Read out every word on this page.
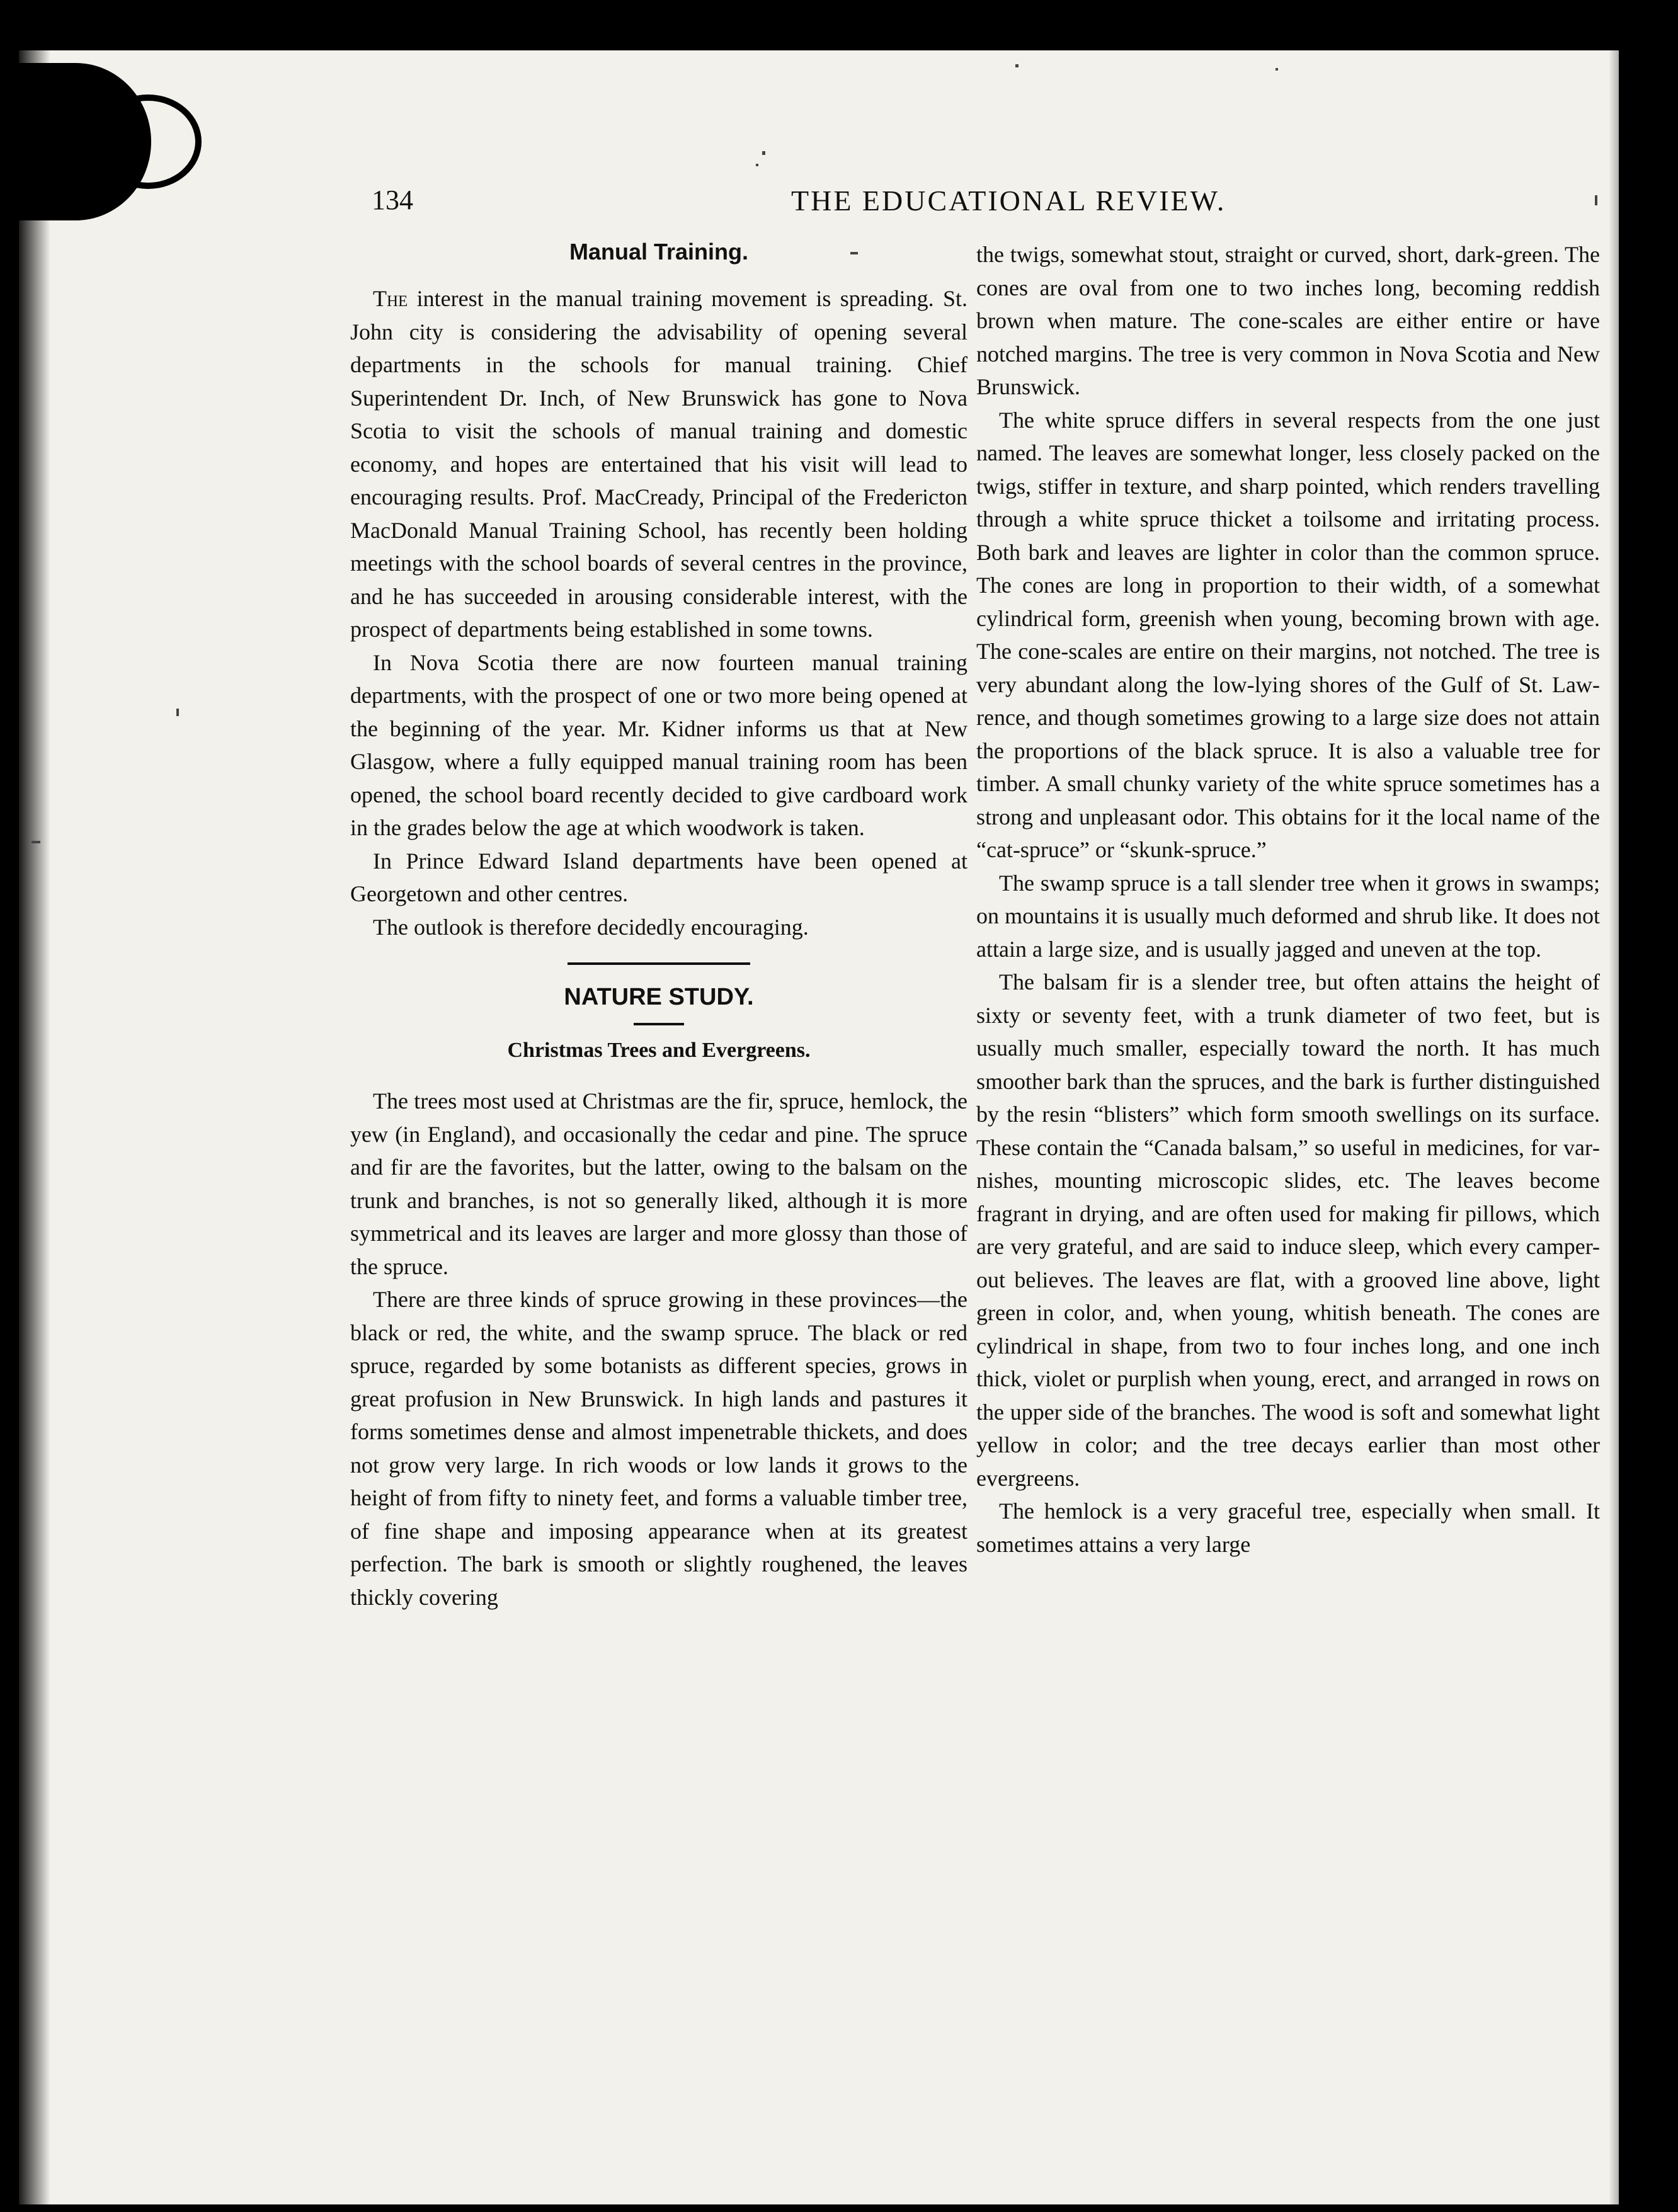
134	THE EDUCATIONAL REVIEW.
Manual Training.

The interest in the manual training movement is spreading. St. John city is considering the advisability of opening several departments in the schools for manual training. Chief Superintendent Dr. Inch, of New Brunswick has gone to Nova Scotia to visit the schools of manual training and domestic economy, and hopes are entertained that his visit will lead to encouraging results. Prof. MacCready, Principal of the Fredericton MacDonald Manual Training School, has recently been holding meetings with the school boards of several centres in the province, and he has succeeded in arousing considerable interest, with the prospect of departments being established in some towns.

In Nova Scotia there are now fourteen manual training departments, with the prospect of one or two more being opened at the beginning of the year. Mr. Kidner informs us that at New Glasgow, where a fully equipped manual training room has been opened, the school board recently decided to give cardboard work in the grades below the age at which woodwork is taken.

In Prince Edward Island departments have been opened at Georgetown and other centres.

The outlook is therefore decidedly encouraging.

NATURE STUDY.
Christmas Trees and Evergreens.

The trees most used at Christmas are the fir, spruce, hemlock, the yew (in England), and occasionally the cedar and pine. The spruce and fir are the favorites, but the latter, owing to the balsam on the trunk and branches, is not so generally liked, although it is more symmetrical and its leaves are larger and more glossy than those of the spruce.

There are three kinds of spruce growing in these provinces—the black or red, the white, and the swamp spruce. The black or red spruce, regarded by some botanists as different species, grows in great profusion in New Brunswick. In high lands and pastures it forms sometimes dense and almost impenetrable thickets, and does not grow very large. In rich woods or low lands it grows to the height of from fifty to ninety feet, and forms a valuable timber tree, of fine shape and imposing appearance when at its greatest perfection. The bark is smooth or slightly roughened, the leaves thickly covering

the twigs, somewhat stout, straight or curved, short, dark-green. The cones are oval from one to two inches long, becoming reddish brown when mature. The cone-scales are either entire or have notched margins. The tree is very common in Nova Scotia and New Brunswick.

The white spruce differs in several respects from the one just named. The leaves are somewhat longer, less closely packed on the twigs, stiffer in texture, and sharp pointed, which renders travelling through a white spruce thicket a toilsome and irritating process. Both bark and leaves are lighter in color than the common spruce. The cones are long in proportion to their width, of a somewhat cylindrical form, greenish when young, becoming brown with age. The cone-scales are entire on their margins, not notched. The tree is very abundant along the low-lying shores of the Gulf of St. Lawrence, and though sometimes growing to a large size does not attain the proportions of the black spruce. It is also a valuable tree for timber. A small chunky variety of the white spruce sometimes has a strong and unpleasant odor. This obtains for it the local name of the “cat-spruce” or “skunk-spruce.”

The swamp spruce is a tall slender tree when it grows in swamps; on mountains it is usually much deformed and shrub like. It does not attain a large size, and is usually jagged and uneven at the top.

The balsam fir is a slender tree, but often attains the height of sixty or seventy feet, with a trunk diameter of two feet, but is usually much smaller, especially toward the north. It has much smoother bark than the spruces, and the bark is further distinguished by the resin “blisters” which form smooth swellings on its surface. These contain the “Canada balsam,” so useful in medicines, for varnishes, mounting microscopic slides, etc. The leaves become fragrant in drying, and are often used for making fir pillows, which are very grateful, and are said to induce sleep, which every camper-out believes. The leaves are flat, with a grooved line above, light green in color, and, when young, whitish beneath. The cones are cylindrical in shape, from two to four inches long, and one inch thick, violet or purplish when young, erect, and arranged in rows on the upper side of the branches. The wood is soft and somewhat light yellow in color; and the tree decays earlier than most other evergreens.

The hemlock is a very graceful tree, especially when small. It sometimes attains a very large
